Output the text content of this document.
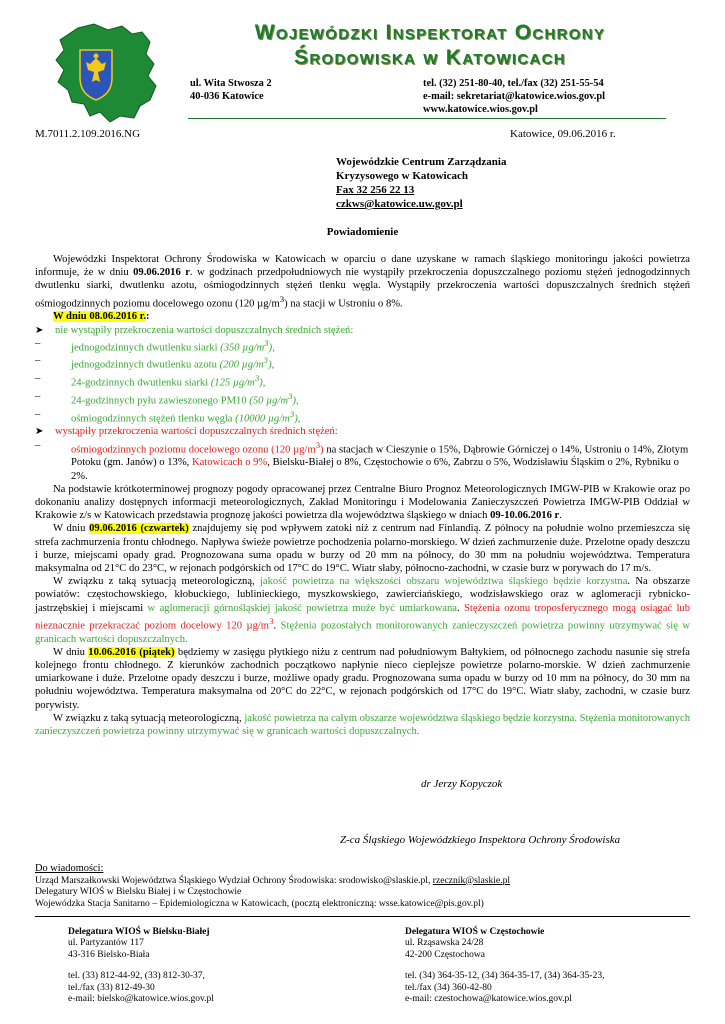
Wojewódzki Inspektorat Ochrony
Środowiska w Katowicach
ul. Wita Stwosza 2
40-036 Katowice
tel. (32) 251-80-40, tel./fax (32) 251-55-54
e-mail: sekretariat@katowice.wios.gov.pl
www.katowice.wios.gov.pl
M.7011.2.109.2016.NG	Katowice, 09.06.2016 r.
Wojewódzkie Centrum Zarządzania
Kryzysowego w Katowicach
Fax 32 256 22 13
czkws@katowice.uw.gov.pl
Powiadomienie

Wojewódzki Inspektorat Ochrony Środowiska w Katowicach w oparciu o dane uzyskane w ramach śląskiego monitoringu jakości powietrza informuje, że w dniu 09.06.2016 r. w godzinach przedpołudniowych nie wystąpiły przekroczenia dopuszczalnego poziomu stężeń jednogodzinnych dwutlenku siarki, dwutlenku azotu, ośmiogodzinnych stężeń tlenku węgla. Wystąpiły przekroczenia wartości dopuszczalnych średnich stężeń ośmiogodzinnych poziomu docelowego ozonu (120 $\mu g/m^3$) na stacji w Ustroniu o 8%.

W dniu 08.06.2016 r.:

➤ nie wystąpiły przekroczenia wartości dopuszczalnych średnich stężeń:
–	jednogodzinnych dwutlenku siarki (350 $\mu g/m^3$),
–	jednogodzinnych dwutlenku azotu (200 $\mu g/m^3$),
–	24-godzinnych dwutlenku siarki (125 $\mu g/m^3$),
–	24-godzinnych pyłu zawieszonego PM10 (50 $\mu g/m^3$),
–	ośmiogodzinnych stężeń tlenku węgla (10000 $\mu g/m^3$),
➤ wystąpiły przekroczenia wartości dopuszczalnych średnich stężeń:
–	ośmiogodzinnych poziomu docelowego ozonu (120 $\mu g/m^3$) na stacjach w Cieszynie o 15%, Dąbrowie Górniczej o 14%, Ustroniu o 14%, Złotym Potoku (gm. Janów) o 13%, Katowicach o 9%, Bielsku-Białej o 8%, Częstochowie o 6%, Zabrzu o 5%, Wodzisławiu Śląskim o 2%, Rybniku o 2%.

Na podstawie krótkoterminowej prognozy pogody opracowanej przez Centralne Biuro Prognoz Meteorologicznych IMGW-PIB w Krakowie oraz po dokonaniu analizy dostępnych informacji meteorologicznych, Zakład Monitoringu i Modelowania Zanieczyszczeń Powietrza IMGW-PIB Oddział w Krakowie z/s w Katowicach przedstawia prognozę jakości powietrza dla województwa śląskiego w dniach 09-10.06.2016 r.

W dniu 09.06.2016 (czwartek) znajdujemy się pod wpływem zatoki niż z centrum nad Finlandią. Z północy na południe wolno przemieszcza się strefa zachmurzenia frontu chłodnego. Napływa świeże powietrze pochodzenia polarno-morskiego. W dzień zachmurzenie duże. Przelotne opady deszczu i burze, miejscami opady grad. Prognozowana suma opadu w burzy od 20 mm na północy, do 30 mm na południu województwa. Temperatura maksymalna od 21°C do 23°C, w rejonach podgórskich od 17°C do 19°C. Wiatr słaby, północno-zachodni, w czasie burz w porywach do 17 m/s.

W związku z taką sytuacją meteorologiczną, jakość powietrza na większości obszaru województwa śląskiego będzie korzystna. Na obszarze powiatów: częstochowskiego, kłobuckiego, lublinieckiego, myszkowskiego, zawierciańskiego, wodzisławskiego oraz w aglomeracji rybnicko-jastrzębskiej i miejscami w aglomeracji górnośląskiej jakość powietrza może być umiarkowana. Stężenia ozonu troposferycznego mogą osiągać lub nieznacznie przekraczać poziom docelowy 120 $\mu g/m^3$. Stężenia pozostałych monitorowanych zanieczyszczeń powietrza powinny utrzymywać się w granicach wartości dopuszczalnych.

W dniu 10.06.2016 (piątek) będziemy w zasięgu płytkiego niżu z centrum nad południowym Bałtykiem, od północnego zachodu nasunie się strefa kolejnego frontu chłodnego. Z kierunków zachodnich początkowo napłynie nieco cieplejsze powietrze polarno-morskie. W dzień zachmurzenie umiarkowane i duże. Przelotne opady deszczu i burze, możliwe opady gradu. Prognozowana suma opadu w burzy od 10 mm na północy, do 30 mm na południu województwa. Temperatura maksymalna od 20°C do 22°C, w rejonach podgórskich od 17°C do 19°C. Wiatr słaby, zachodni, w czasie burz porywisty.

W związku z taką sytuacją meteorologiczną, jakość powietrza na całym obszarze województwa śląskiego będzie korzystna. Stężenia monitorowanych zanieczyszczeń powietrza powinny utrzymywać się w granicach wartości dopuszczalnych.

dr Jerzy Kopyczok
Z-ca Śląskiego Wojewódzkiego Inspektora Ochrony Środowiska
Do wiadomości:
Urząd Marszałkowski Województwa Śląskiego Wydział Ochrony Środowiska: srodowisko@slaskie.pl, rzecznik@slaskie.pl
Delegatury WIOŚ w Bielsku Białej i w Częstochowie
Wojewódzka Stacja Sanitarno – Epidemiologiczna w Katowicach, (pocztą elektroniczną: wsse.katowice@pis.gov.pl)
Delegatura WIOŚ w Bielsku-Białej
ul. Partyzantów 117
43-316 Bielsko-Biała
tel. (33) 812-44-92, (33) 812-30-37,
tel./fax (33) 812-49-30
e-mail: bielsko@katowice.wios.gov.pl
Delegatura WIOŚ w Częstochowie
ul. Rząsawska 24/28
42-200 Częstochowa
tel. (34) 364-35-12, (34) 364-35-17, (34) 364-35-23,
tel./fax (34) 360-42-80
e-mail: czestochowa@katowice.wios.gov.pl
